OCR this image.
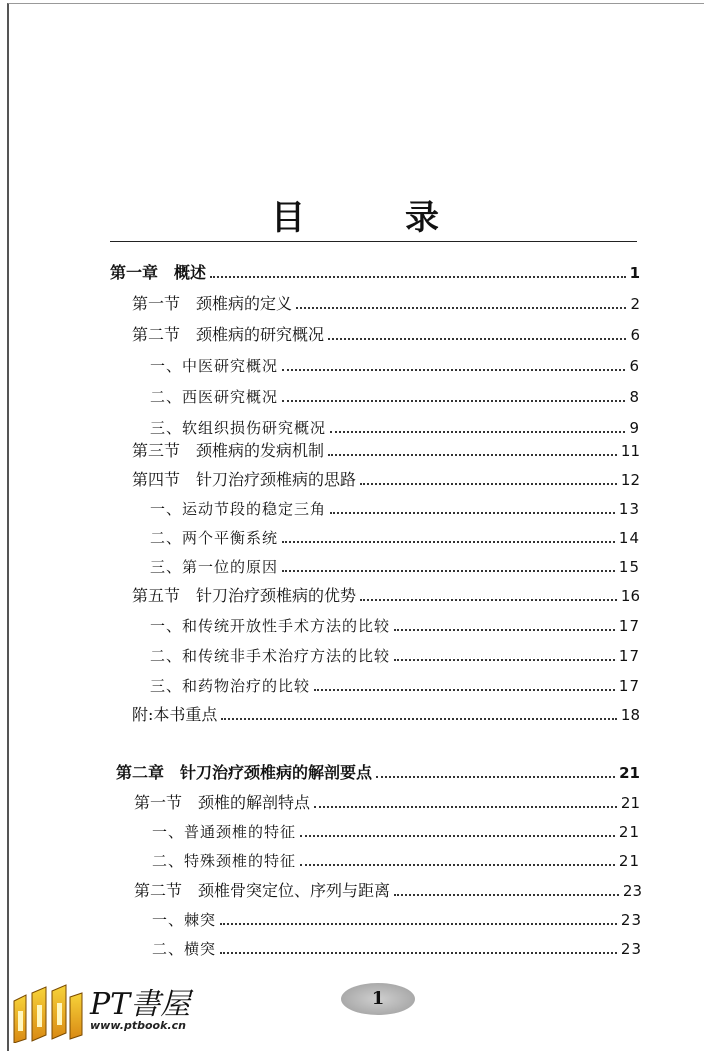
目 录
第一章　概述	1
第一节　颈椎病的定义	2
第二节　颈椎病的研究概况	6
一、中医研究概况	6
二、西医研究概况	8
三、软组织损伤研究概况	9
第三节　颈椎病的发病机制	11
第四节　针刀治疗颈椎病的思路	12
一、运动节段的稳定三角	13
二、两个平衡系统	14
三、第一位的原因	15
第五节　针刀治疗颈椎病的优势	16
一、和传统开放性手术方法的比较	17
二、和传统非手术治疗方法的比较	17
三、和药物治疗的比较	17
附:本书重点	18
第二章　针刀治疗颈椎病的解剖要点	21
第一节　颈椎的解剖特点	21
一、普通颈椎的特征	21
二、特殊颈椎的特征	21
第二节　颈椎骨突定位、序列与距离	23
一、棘突	23
二、横突	23
PT書屋
www.ptbook.cn
1
